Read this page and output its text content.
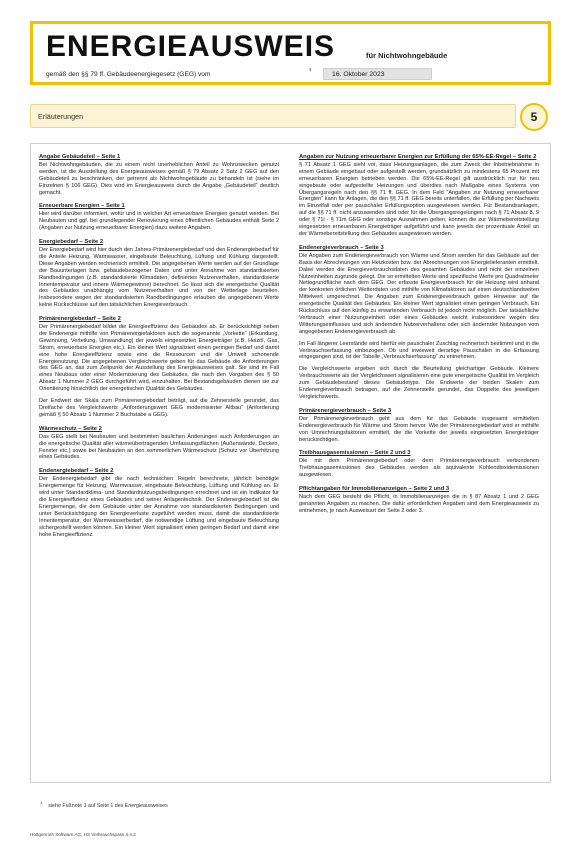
ENERGIEAUSWEIS	für Nichtwohngebäude
gemäß den §§ 79 ff. Gebäudeenergiegesetz (GEG) vom
1
16. Oktober 2023
Erläuterungen	5
Angabe Gebäudeteil – Seite 1

Bei Nichtwohngebäuden, die zu einem nicht unerheblichen Anteil zu Wohnzwecken genutzt werden, ist die Ausstellung des Energieausweises gemäß § 79 Absatz 2 Satz 2 GEG auf den Gebäudeteil zu beschränken, der getrennt als Nichtwohngebäude zu behandeln ist (siehe im Einzelnen § 106 GEG). Dies wird im Energieausweis durch die Angabe „Gebäudeteil“ deutlich gemacht.

Erneuerbare Energien – Seite 1

Hier wird darüber informiert, wofür und in welcher Art erneuerbare Energien genutzt werden. Bei Neubauten und ggf. bei grundlegender Renovierung eines öffentlichen Gebäudes enthält Seite 2 (Angaben zur Nutzung erneuerbarer Energien) dazu weitere Angaben.

Energiebedarf – Seite 2

Der Energiebedarf wird hier durch den Jahres-Primärenergiebedarf und den Endenergiebedarf für die Anteile Heizung, Warmwasser, eingebaute Beleuchtung, Lüftung und Kühlung dargestellt. Diese Angaben werden rechnerisch ermittelt. Die angegebenen Werte werden auf der Grundlage der Bauunterlagen bzw. gebäudebezogener Daten und unter Annahme von standardisierten Randbedingungen (z.B. standardisierte Klimadaten, definiertes Nutzerverhalten, standardisierte Innentemperatur und innere Wärmegewinne) berechnet. So lässt sich die energetische Qualität des Gebäudes unabhängig vom Nutzerverhalten und von der Wetterlage beurteilen. Insbesondere wegen der standardisierten Randbedingungen erlauben die angegebenen Werte keine Rückschlüsse auf den tatsächlichen Energieverbrauch.

Primärenergiebedarf – Seite 2

Der Primärenergiebedarf bildet die Energieeffizienz des Gebäudes ab. Er berücksichtigt neben der Endenergie mithilfe von Primärenergiefaktoren auch die sogenannte „Vorkette“ (Erkundung, Gewinnung, Verteilung, Umwandlung) der jeweils eingesetzten Energieträger (z.B. Heizöl, Gas, Strom, erneuerbare Energien etc.). Ein kleiner Wert signalisiert einen geringen Bedarf und damit eine hohe Energieeffizienz sowie eine die Ressourcen und die Umwelt schonende Energienutzung. Die angegebenen Vergleichswerte geben für das Gebäude die Anforderungen des GEG an, das zum Zeitpunkt der Ausstellung des Energieausweises galt. Sie sind im Fall eines Neubaus oder einer Modernisierung des Gebäudes, die nach den Vorgaben des § 50 Absatz 1 Nummer 2 GEG durchgeführt wird, einzuhalten. Bei Bestandsgebäuden dienen sie zur Orientierung hinsichtlich der energetischen Qualität des Gebäudes.

Der Endwert der Skala zum Primärenergiebedarf beträgt, auf die Zehnerstelle gerundet, das Dreifache des Vergleichswerts „Anforderungswert GEG modernisierter Altbau“ (Anforderung gemäß § 50 Absatz 1 Nummer 2 Buchstabe a GEG).

Wärmeschutz – Seite 2

Das GEG stellt bei Neubauten und bestimmten baulichen Änderungen auch Anforderungen an die energetische Qualität aller wärmeübertragenden Umfassungsflächen (Außenwände, Decken, Fenster etc.) sowie bei Neubauten an den sommerlichen Wärmeschutz (Schutz vor Überhitzung eines Gebäudes.

Endenergiebedarf – Seite 2

Der Endenergiebedarf gibt die nach technischen Regeln berechnete, jährlich benötigte Energiemenge für Heizung, Warmwasser, eingebaute Beleuchtung, Lüftung und Kühlung an. Er wird unter Standardklima- und Standardnutzungsbedingungen errechnet und ist ein Indikator für die Energieeffizienz eines Gebäudes und seiner Anlagentechnik. Der Endenergiebedarf ist die Energiemenge, die dem Gebäude unter der Annahme von standardisierten Bedingungen und unter Berücksichtigung der Energieverluste zugeführt werden muss, damit die standardisierte Innentemperatur, der Warmwasserbedarf, die notwendige Lüftung und eingebaute Beleuchtung sichergestellt werden können. Ein kleiner Wert signalisiert einen geringen Bedarf und damit eine hohe Energieeffizienz.

Angaben zur Nutzung erneuerbarer Energien zur Erfüllung der 65%-EE-Regel – Seite 2

§ 71 Absatz 1 GEG sieht vor, dass Heizungsanlagen, die zum Zweck der Inbetriebnahme in einem Gebäude eingebaut oder aufgestellt werden, grundsätzlich zu mindestens 65 Prozent mit erneuerbaren Energien betrieben werden. Die 65%-EE-Regel gilt ausdrücklich nur für neu eingebaute oder aufgestellte Heizungen und überdies nach Maßgabe eines Systems von Übergangsregeln nach den §§ 71 ff. GEG. In dem Feld "Angaben zur Nutzung erneuerbarer Energien" kann für Anlagen, die den §§ 71 ff. GEG bereits unterfallen, die Erfüllung per Nachweis im Einzelfall oder per pauschaler Erfüllungsoption ausgewiesen werden. Für Bestandsanlagen, auf die §§ 71 ff. nicht anzuwenden sind oder für die Übergangsregelungen nach § 71 Absatz 8, 9 oder § 71i - § 71m GEG oder sonstige Ausnahmen gelten, können die zur Wärmebereitstellung eingesetzten erneuerbaren Energieträger aufgeführt und kann jeweils der prozentuale Anteil an der Wärmebereitstellung des Gebäudes ausgewiesen werden.

Endenergieverbrauch – Seite 3

Die Angaben zum Endenergieverbrauch von Wärme und Strom werden für das Gebäude auf der Basis der Abrechnungen von Heizkosten bzw. der Abrechnungen von Energielieferanten ermittelt. Dabei werden die Energieverbrauchsdaten des gesamten Gebäudes und nicht der einzelnen Nutzeinheiten zugrunde gelegt. Die so ermittelten Werte sind spezifische Werte pro Quadratmeter Nettogrundfläche nach dem GEG. Der erfasste Energieverbrauch für die Heizung wird anhand der konkreten örtlichen Wetterdaten und mithilfe von Klimafaktoren auf einen deutschlandweiten Mittelwert umgerechnet. Die Angaben zum Endenergieverbrauch geben Hinweise auf die energetische Qualität des Gebäudes. Ein kleiner Wert signalisiert einen geringen Verbrauch. Ein Rückschluss auf den künftig zu erwartenden Verbrauch ist jedoch nicht möglich. Der tatsächliche Verbrauch einer Nutzungseinheit oder eines Gebäudes weicht insbesondere wegen des Witterungseinflusses und sich ändernden Nutzerverhaltens oder sich ändernder Nutzungen vom angegebenen Endenergieverbrauch ab.

Im Fall längerer Leerstände wird hierfür ein pauschaler Zuschlag rechnerisch bestimmt und in die Verbrauchserfassung einbezogen. Ob und inwieweit derartige Pauschalen in die Erfassung eingegangen sind, ist der Tabelle „Verbrauchserfassung“ zu entnehmen.

Die Vergleichswerte ergeben sich durch die Beurteilung gleichartiger Gebäude. Kleinere Verbrauchswerte als der Vergleichswert signalisieren eine gute energetische Qualität im Vergleich zum Gebäudebestand dieses Gebäudetyps. Die Endwerte der beiden Skalen zum Endenergieverbrauch betragen, auf die Zehnerstelle gerundet, das Doppelte des jeweiligen Vergleichswerts.

Primärenergieverbrauch – Seite 3

Der Primärenergieverbrauch geht aus dem für das Gebäude insgesamt ermittelten Endenergieverbrauch für Wärme und Strom hervor. Wie der Primärenergiebedarf wird er mithilfe von Umrechnungsfaktoren ermittelt, die die Vorkette der jeweils eingesetzten Energieträger berücksichtigen.

Treibhausgasemissionen – Seite 2 und 3

Die mit dem Primärenergiebedarf oder dem Primärenergieverbrauch verbundenen Treibhausgasemissionen des Gebäudes werden als äquivalente Kohlendioxidemissionen ausgewiesen.

Pflichtangaben für Immobilienanzeigen – Seite 2 und 3

Nach dem GEG besteht die Pflicht, in Immobilienanzeigen die in § 87 Absatz 1 und 2 GEG genannten Angaben zu machen. Die dafür erforderlichen Angaben sind dem Energieausweis zu entnehmen, je nach Ausweisart der Seite 2 oder 3.

$^1$siehe Fußnote 1 auf Seite 1 des Energieausweises
Hottgenroth Software AG, HS Verbrauchspass 4.4.3
